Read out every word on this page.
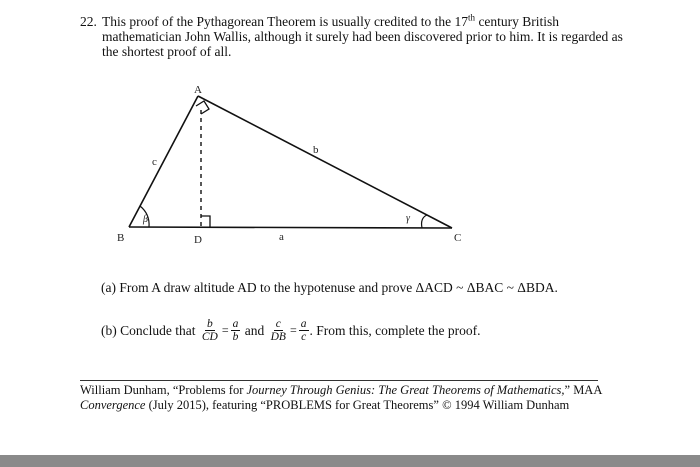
22. This proof of the Pythagorean Theorem is usually credited to the 17th century British mathematician John Wallis, although it surely had been discovered prior to him. It is regarded as the shortest proof of all.
A
B	C
D
c
b
a
β	γ
(a) From A draw altitude AD to the hypotenuse and prove ΔACD ~ ΔBAC ~ ΔBDA.
(b) Conclude that
$\frac{b}{CD} = \frac{a}{b}$
and
$\frac{c}{DB} = \frac{a}{c}$ . From this, complete the proof.
William Dunham, “Problems for Journey Through Genius: The Great Theorems of Mathematics,” MAA
Convergence (July 2015), featuring “PROBLEMS for Great Theorems” © 1994 William Dunham
